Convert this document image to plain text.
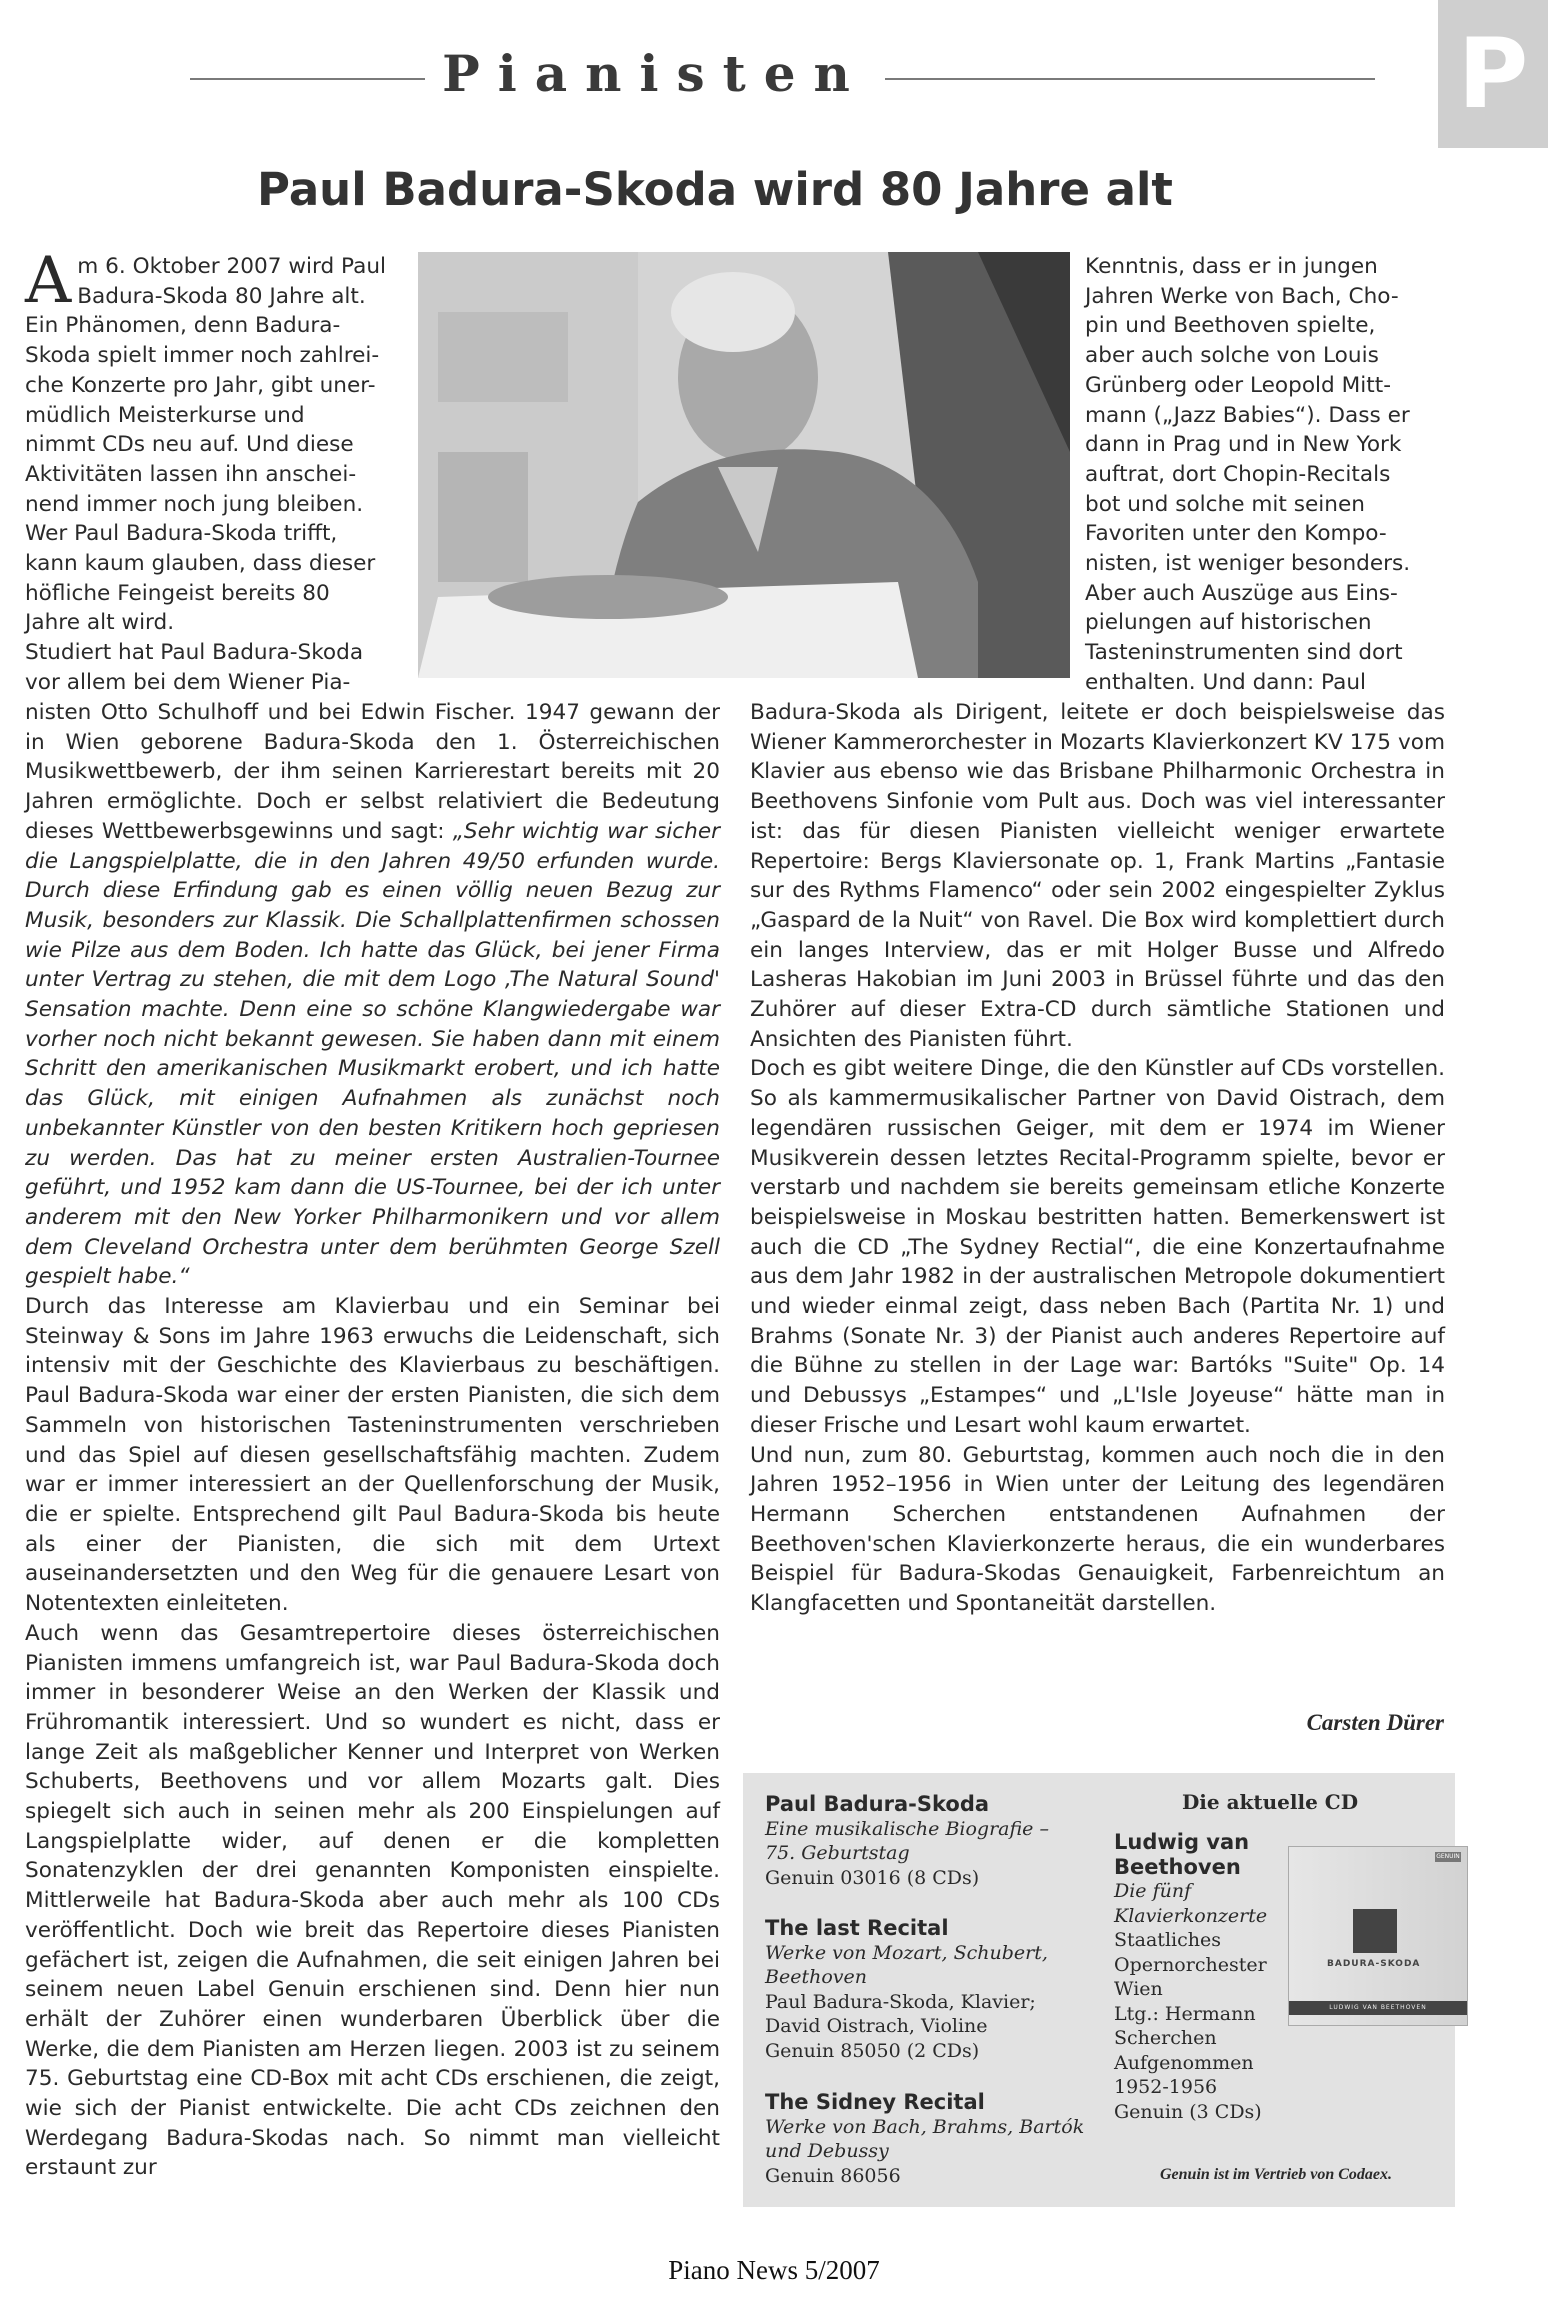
Pianisten	P
Paul Badura-Skoda wird 80 Jahre alt
A m 6. Oktober 2007 wird Paul
Badura-Skoda 80 Jahre alt.
Ein Phänomen, denn Badura-
Skoda spielt immer noch zahlrei-
che Konzerte pro Jahr, gibt uner-
müdlich Meisterkurse und
nimmt CDs neu auf. Und diese
Aktivitäten lassen ihn anschei-
nend immer noch jung bleiben.
Wer Paul Badura-Skoda trifft,
kann kaum glauben, dass dieser
höfliche Feingeist bereits 80
Jahre alt wird.
Studiert hat Paul Badura-Skoda
vor allem bei dem Wiener Pia-

nisten Otto Schulhoff und bei Edwin Fischer. 1947 gewann der in Wien geborene Badura-Skoda den 1. Österreichischen Musikwettbewerb, der ihm seinen Karrierestart bereits mit 20 Jahren ermöglichte. Doch er selbst relativiert die Bedeutung dieses Wettbewerbsgewinns und sagt: „Sehr wichtig war sicher die Langspielplatte, die in den Jahren 49/50 erfunden wurde. Durch diese Erfindung gab es einen völlig neuen Bezug zur Musik, besonders zur Klassik. Die Schallplattenfirmen schossen wie Pilze aus dem Boden. Ich hatte das Glück, bei jener Firma unter Vertrag zu stehen, die mit dem Logo ‚The Natural Sound' Sensation machte. Denn eine so schöne Klangwiedergabe war vorher noch nicht bekannt gewesen. Sie haben dann mit einem Schritt den amerikanischen Musikmarkt erobert, und ich hatte das Glück, mit einigen Aufnahmen als zunächst noch unbekannter Künstler von den besten Kritikern hoch gepriesen zu werden. Das hat zu meiner ersten Australien-Tournee geführt, und 1952 kam dann die US-Tournee, bei der ich unter anderem mit den New Yorker Philharmonikern und vor allem dem Cleveland Orchestra unter dem berühmten George Szell gespielt habe.“

Durch das Interesse am Klavierbau und ein Seminar bei Steinway & Sons im Jahre 1963 erwuchs die Leidenschaft, sich intensiv mit der Geschichte des Klavierbaus zu beschäftigen. Paul Badura-Skoda war einer der ersten Pianisten, die sich dem Sammeln von historischen Tasteninstrumenten verschrieben und das Spiel auf diesen gesellschaftsfähig machten. Zudem war er immer interessiert an der Quellenforschung der Musik, die er spielte. Entsprechend gilt Paul Badura-Skoda bis heute als einer der Pianisten, die sich mit dem Urtext auseinandersetzten und den Weg für die genauere Lesart von Notentexten einleiteten.

Auch wenn das Gesamtrepertoire dieses österreichischen Pianisten immens umfangreich ist, war Paul Badura-Skoda doch immer in besonderer Weise an den Werken der Klassik und Frühromantik interessiert. Und so wundert es nicht, dass er lange Zeit als maßgeblicher Kenner und Interpret von Werken Schuberts, Beethovens und vor allem Mozarts galt. Dies spiegelt sich auch in seinen mehr als 200 Einspielungen auf Langspielplatte wider, auf denen er die kompletten Sonatenzyklen der drei genannten Komponisten einspielte. Mittlerweile hat Badura-Skoda aber auch mehr als 100 CDs veröffentlicht. Doch wie breit das Repertoire dieses Pianisten gefächert ist, zeigen die Aufnahmen, die seit einigen Jahren bei seinem neuen Label Genuin erschienen sind. Denn hier nun erhält der Zuhörer einen wunderbaren Überblick über die Werke, die dem Pianisten am Herzen liegen. 2003 ist zu seinem 75. Geburtstag eine CD-Box mit acht CDs erschienen, die zeigt, wie sich der Pianist entwickelte. Die acht CDs zeichnen den Werdegang Badura-Skodas nach. So nimmt man vielleicht erstaunt zur

Kenntnis, dass er in jungen
Jahren Werke von Bach, Cho-
pin und Beethoven spielte,
aber auch solche von Louis
Grünberg oder Leopold Mitt-
mann („Jazz Babies“). Dass er
dann in Prag und in New York
auftrat, dort Chopin-Recitals
bot und solche mit seinen
Favoriten unter den Kompo-
nisten, ist weniger besonders.
Aber auch Auszüge aus Eins-
pielungen auf historischen
Tasteninstrumenten sind dort
enthalten. Und dann: Paul

Badura-Skoda als Dirigent, leitete er doch beispielsweise das Wiener Kammerorchester in Mozarts Klavierkonzert KV 175 vom Klavier aus ebenso wie das Brisbane Philharmonic Orchestra in Beethovens Sinfonie vom Pult aus. Doch was viel interessanter ist: das für diesen Pianisten vielleicht weniger erwartete Repertoire: Bergs Klaviersonate op. 1, Frank Martins „Fantasie sur des Rythms Flamenco“ oder sein 2002 eingespielter Zyklus „Gaspard de la Nuit“ von Ravel. Die Box wird komplettiert durch ein langes Interview, das er mit Holger Busse und Alfredo Lasheras Hakobian im Juni 2003 in Brüssel führte und das den Zuhörer auf dieser Extra-CD durch sämtliche Stationen und Ansichten des Pianisten führt.

Doch es gibt weitere Dinge, die den Künstler auf CDs vorstellen. So als kammermusikalischer Partner von David Oistrach, dem legendären russischen Geiger, mit dem er 1974 im Wiener Musikverein dessen letztes Recital-Programm spielte, bevor er verstarb und nachdem sie bereits gemeinsam etliche Konzerte beispielsweise in Moskau bestritten hatten. Bemerkenswert ist auch die CD „The Sydney Rectial“, die eine Konzertaufnahme aus dem Jahr 1982 in der australischen Metropole dokumentiert und wieder einmal zeigt, dass neben Bach (Partita Nr. 1) und Brahms (Sonate Nr. 3) der Pianist auch anderes Repertoire auf die Bühne zu stellen in der Lage war: Bartóks "Suite" Op. 14 und Debussys „Estampes“ und „L'Isle Joyeuse“ hätte man in dieser Frische und Lesart wohl kaum erwartet.

Und nun, zum 80. Geburtstag, kommen auch noch die in den Jahren 1952–1956 in Wien unter der Leitung des legendären Hermann Scherchen entstandenen Aufnahmen der Beethoven'schen Klavierkonzerte heraus, die ein wunderbares Beispiel für Badura-Skodas Genauigkeit, Farbenreichtum an Klangfacetten und Spontaneität darstellen.

Carsten Dürer
Paul Badura-Skoda
Eine musikalische Biografie –
75. Geburtstag
Genuin 03016 (8 CDs)
The last Recital
Werke von Mozart, Schubert,
Beethoven
Paul Badura-Skoda, Klavier;
David Oistrach, Violine
Genuin 85050 (2 CDs)
The Sidney Recital
Werke von Bach, Brahms, Bartók
und Debussy
Genuin 86056
Die aktuelle CD
Ludwig van
Beethoven
Die fünf
Klavierkonzerte
Staatliches
Opernorchester
Wien
Ltg.: Hermann
Scherchen
Aufgenommen
1952-1956
Genuin (3 CDs)
GENUIN
BADURA-SKODA
LUDWIG VAN BEETHOVEN
Genuin ist im Vertrieb von Codaex.
Piano News 5/2007
